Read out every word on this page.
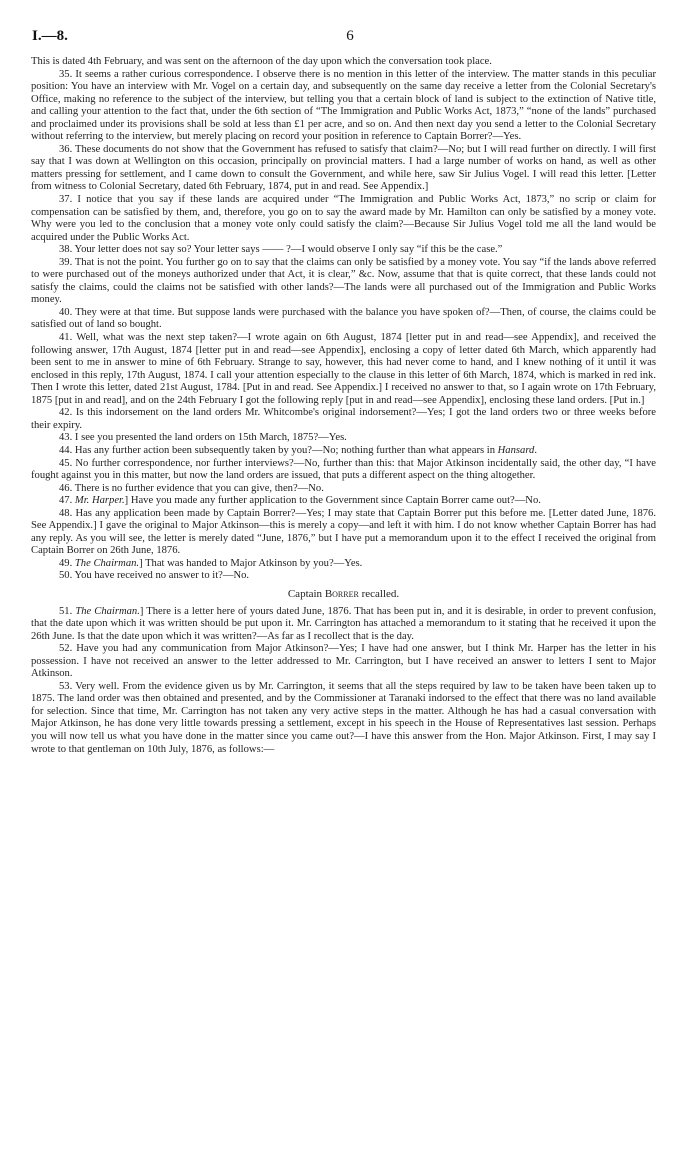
I.—8.	6

This is dated 4th February, and was sent on the afternoon of the day upon which the conversation took place.

35. It seems a rather curious correspondence. I observe there is no mention in this letter of the interview. The matter stands in this peculiar position: You have an interview with Mr. Vogel on a certain day, and subsequently on the same day receive a letter from the Colonial Secretary's Office, making no reference to the subject of the interview, but telling you that a certain block of land is subject to the extinction of Native title, and calling your attention to the fact that, under the 6th section of “The Immigration and Public Works Act, 1873,” “none of the lands” purchased and proclaimed under its provisions shall be sold at less than £1 per acre, and so on. And then next day you send a letter to the Colonial Secretary without referring to the interview, but merely placing on record your position in reference to Captain Borrer?—Yes.

36. These documents do not show that the Government has refused to satisfy that claim?—No; but I will read further on directly. I will first say that I was down at Wellington on this occasion, principally on provincial matters. I had a large number of works on hand, as well as other matters pressing for settlement, and I came down to consult the Government, and while here, saw Sir Julius Vogel. I will read this letter. [Letter from witness to Colonial Secretary, dated 6th February, 1874, put in and read. See Appendix.]

37. I notice that you say if these lands are acquired under “The Immigration and Public Works Act, 1873,” no scrip or claim for compensation can be satisfied by them, and, therefore, you go on to say the award made by Mr. Hamilton can only be satisfied by a money vote. Why were you led to the conclusion that a money vote only could satisfy the claim?—Because Sir Julius Vogel told me all the land would be acquired under the Public Works Act.

38. Your letter does not say so? Your letter says —— ?—I would observe I only say “if this be the case.”

39. That is not the point. You further go on to say that the claims can only be satisfied by a money vote. You say “if the lands above referred to were purchased out of the moneys authorized under that Act, it is clear,” &c. Now, assume that that is quite correct, that these lands could not satisfy the claims, could the claims not be satisfied with other lands?—The lands were all purchased out of the Immigration and Public Works money.

40. They were at that time. But suppose lands were purchased with the balance you have spoken of?—Then, of course, the claims could be satisfied out of land so bought.

41. Well, what was the next step taken?—I wrote again on 6th August, 1874 [letter put in and read—see Appendix], and received the following answer, 17th August, 1874 [letter put in and read—see Appendix], enclosing a copy of letter dated 6th March, which apparently had been sent to me in answer to mine of 6th February. Strange to say, however, this had never come to hand, and I knew nothing of it until it was enclosed in this reply, 17th August, 1874. I call your attention especially to the clause in this letter of 6th March, 1874, which is marked in red ink. Then I wrote this letter, dated 21st August, 1784. [Put in and read. See Appendix.] I received no answer to that, so I again wrote on 17th February, 1875 [put in and read], and on the 24th February I got the following reply [put in and read—see Appendix], enclosing these land orders. [Put in.]

42. Is this indorsement on the land orders Mr. Whitcombe's original indorsement?—Yes; I got the land orders two or three weeks before their expiry.

43. I see you presented the land orders on 15th March, 1875?—Yes.

44. Has any further action been subsequently taken by you?—No; nothing further than what appears in Hansard.

45. No further correspondence, nor further interviews?—No, further than this: that Major Atkinson incidentally said, the other day, “I have fought against you in this matter, but now the land orders are issued, that puts a different aspect on the thing altogether.

46. There is no further evidence that you can give, then?—No.

47. Mr. Harper.] Have you made any further application to the Government since Captain Borrer came out?—No.

48. Has any application been made by Captain Borrer?—Yes; I may state that Captain Borrer put this before me. [Letter dated June, 1876. See Appendix.] I gave the original to Major Atkinson—this is merely a copy—and left it with him. I do not know whether Captain Borrer has had any reply. As you will see, the letter is merely dated “June, 1876,” but I have put a memorandum upon it to the effect I received the original from Captain Borrer on 26th June, 1876.

49. The Chairman.] That was handed to Major Atkinson by you?—Yes.

50. You have received no answer to it?—No.

Captain Borrer recalled.

51. The Chairman.] There is a letter here of yours dated June, 1876. That has been put in, and it is desirable, in order to prevent confusion, that the date upon which it was written should be put upon it. Mr. Carrington has attached a memorandum to it stating that he received it upon the 26th June. Is that the date upon which it was written?—As far as I recollect that is the day.

52. Have you had any communication from Major Atkinson?—Yes; I have had one answer, but I think Mr. Harper has the letter in his possession. I have not received an answer to the letter addressed to Mr. Carrington, but I have received an answer to letters I sent to Major Atkinson.

53. Very well. From the evidence given us by Mr. Carrington, it seems that all the steps required by law to be taken have been taken up to 1875. The land order was then obtained and presented, and by the Commissioner at Taranaki indorsed to the effect that there was no land available for selection. Since that time, Mr. Carrington has not taken any very active steps in the matter. Although he has had a casual conversation with Major Atkinson, he has done very little towards pressing a settlement, except in his speech in the House of Representatives last session. Perhaps you will now tell us what you have done in the matter since you came out?—I have this answer from the Hon. Major Atkinson. First, I may say I wrote to that gentleman on 10th July, 1876, as follows:—
